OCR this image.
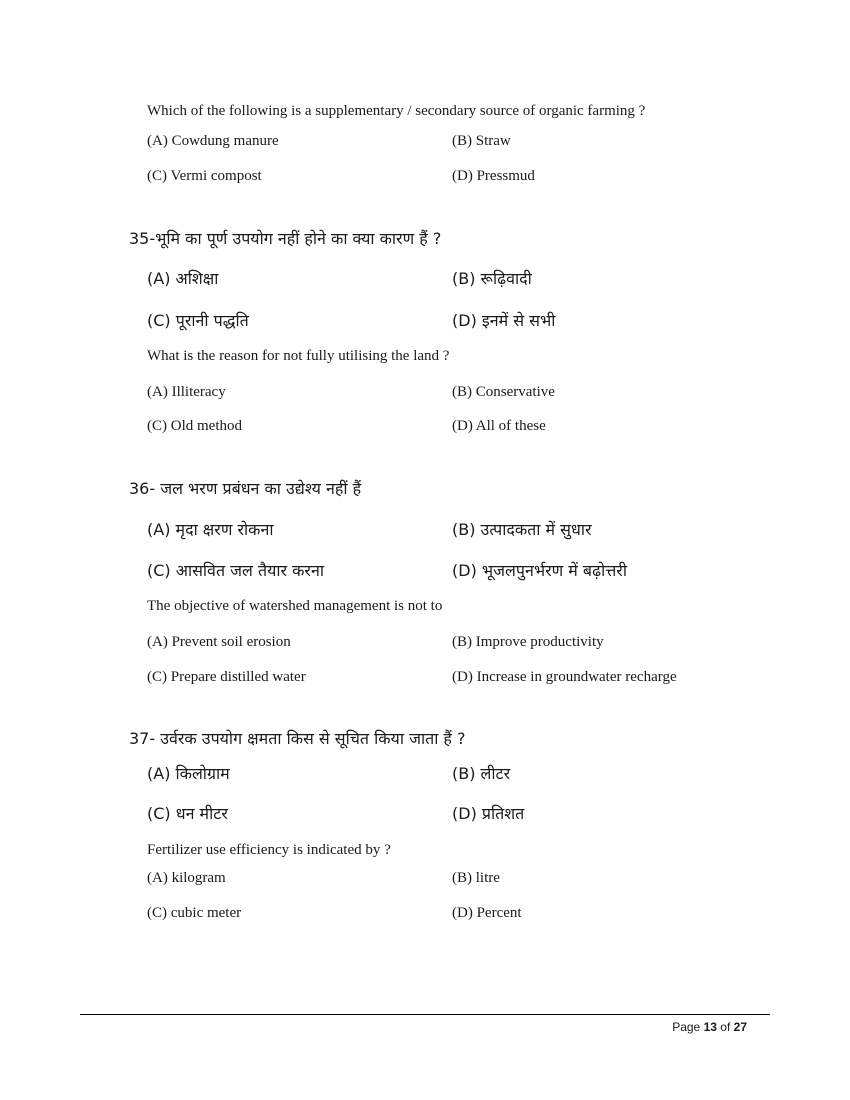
Which of the following is a supplementary / secondary source of organic farming ?
(A) Cowdung manure	(B) Straw
(C) Vermi compost	(D) Pressmud
35-भूमि का पूर्ण उपयोग नहीं होने का क्या कारण हैं ?
(A) अशिक्षा	(B) रूढ़िवादी
(C) पूरानी पद्धति	(D) इनमें से सभी
What is the reason for not fully utilising the land ?
(A) Illiteracy	(B) Conservative
(C) Old method	(D) All of these
36- जल भरण प्रबंधन का उद्येश्य नहीं हैं
(A) मृदा क्षरण रोकना	(B) उत्पादकता में सुधार
(C) आसवित जल तैयार करना	(D) भूजलपुनर्भरण में बढ़ोत्तरी
The objective of watershed management is not to
(A) Prevent soil erosion	(B) Improve productivity
(C) Prepare distilled water	(D) Increase in groundwater recharge
37- उर्वरक उपयोग क्षमता किस से सूचित किया जाता हैं ?
(A) किलोग्राम	(B) लीटर
(C) धन मीटर	(D) प्रतिशत
Fertilizer use efficiency is indicated by ?
(A) kilogram	(B) litre
(C) cubic meter	(D) Percent
Page 13 of 27
